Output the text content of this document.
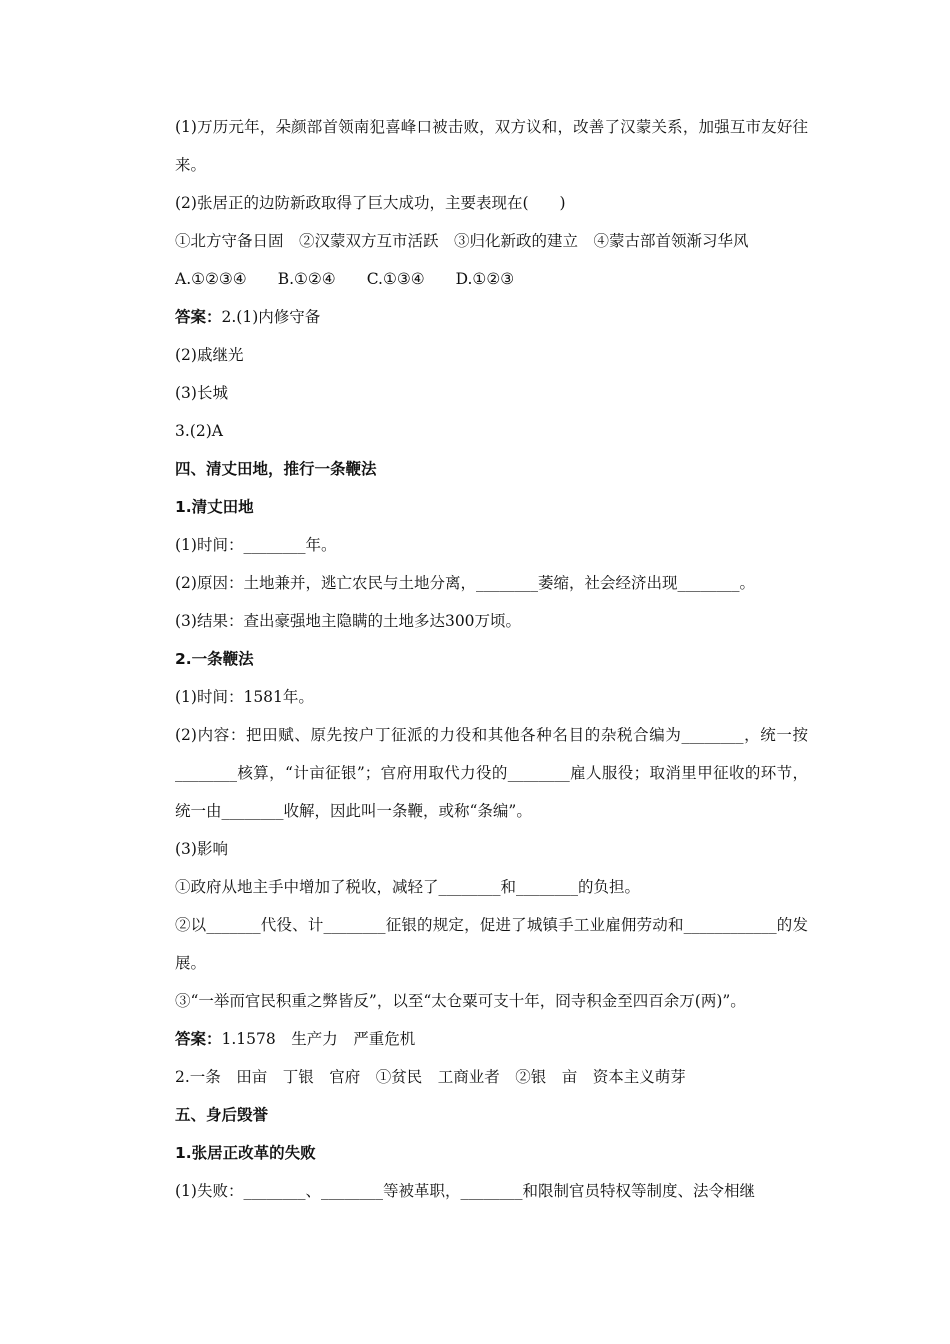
(1)万历元年，朵颜部首领南犯喜峰口被击败，双方议和，改善了汉蒙关系，加强互市友好往来。

(2)张居正的边防新政取得了巨大成功，主要表现在(　　)

①北方守备日固　②汉蒙双方互市活跃　③归化新政的建立　④蒙古部首领渐习华风

A.①②③④　　B.①②④　　C.①③④　　D.①②③

答案：2.(1)内修守备

(2)戚继光

(3)长城

3.(2)A

四、清丈田地，推行一条鞭法

1.清丈田地

(1)时间：________年。

(2)原因：土地兼并，逃亡农民与土地分离，________萎缩，社会经济出现________。

(3)结果：查出豪强地主隐瞒的土地多达300万顷。

2.一条鞭法

(1)时间：1581年。

(2)内容：把田赋、原先按户丁征派的力役和其他各种名目的杂税合编为________，统一按________核算，“计亩征银”；官府用取代力役的________雇人服役；取消里甲征收的环节，统一由________收解，因此叫一条鞭，或称“条编”。

(3)影响

①政府从地主手中增加了税收，减轻了________和________的负担。

②以_______代役、计________征银的规定，促进了城镇手工业雇佣劳动和____________的发展。

③“一举而官民积重之弊皆反”，以至“太仓粟可支十年，冏寺积金至四百余万(两)”。

答案：1.1578　生产力　严重危机

2.一条　田亩　丁银　官府　①贫民　工商业者　②银　亩　资本主义萌芽

五、身后毁誉

1.张居正改革的失败

(1)失败：________、________等被革职，________和限制官员特权等制度、法令相继
